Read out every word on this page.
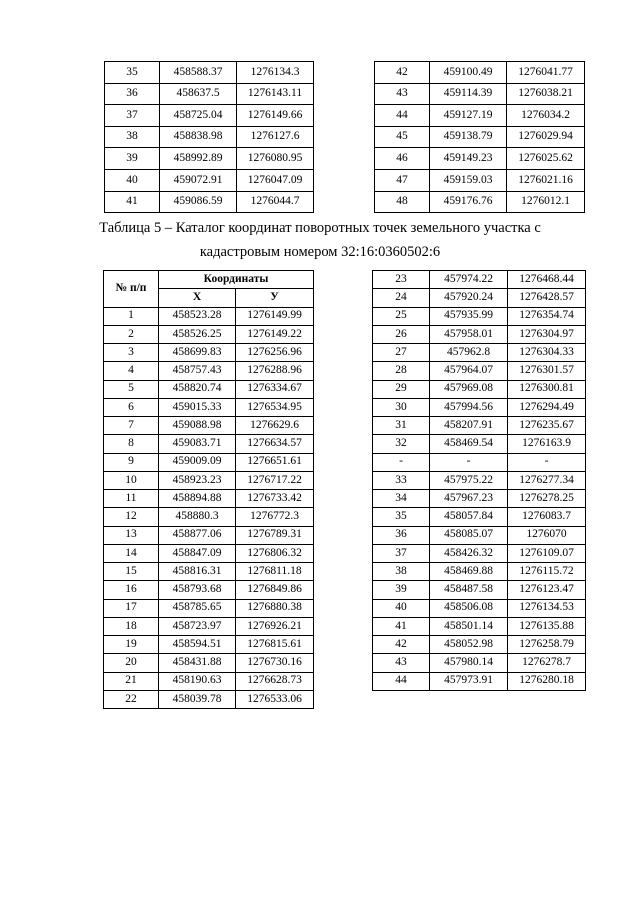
35	458588.37	1276134.3
36	458637.5	1276143.11
37	458725.04	1276149.66
38	458838.98	1276127.6
39	458992.89	1276080.95
40	459072.91	1276047.09
41	459086.59	1276044.7
42	459100.49	1276041.77
43	459114.39	1276038.21
44	459127.19	1276034.2
45	459138.79	1276029.94
46	459149.23	1276025.62
47	459159.03	1276021.16
48	459176.76	1276012.1
Таблица 5 – Каталог координат поворотных точек земельного участка с
кадастровым номером 32:16:0360502:6
№ п/п	Координаты	
	Х	У
1	458523.28	1276149.99
2	458526.25	1276149.22
3	458699.83	1276256.96
4	458757.43	1276288.96
5	458820.74	1276334.67
6	459015.33	1276534.95
7	459088.98	1276629.6
8	459083.71	1276634.57
9	459009.09	1276651.61
10	458923.23	1276717.22
11	458894.88	1276733.42
12	458880.3	1276772.3
13	458877.06	1276789.31
14	458847.09	1276806.32
15	458816.31	1276811.18
16	458793.68	1276849.86
17	458785.65	1276880.38
18	458723.97	1276926.21
19	458594.51	1276815.61
20	458431.88	1276730.16
21	458190.63	1276628.73
22	458039.78	1276533.06
23	457974.22	1276468.44
24	457920.24	1276428.57
25	457935.99	1276354.74
26	457958.01	1276304.97
27	457962.8	1276304.33
28	457964.07	1276301.57
29	457969.08	1276300.81
30	457994.56	1276294.49
31	458207.91	1276235.67
32	458469.54	1276163.9
-	-	-
33	457975.22	1276277.34
34	457967.23	1276278.25
35	458057.84	1276083.7
36	458085.07	1276070
37	458426.32	1276109.07
38	458469.88	1276115.72
39	458487.58	1276123.47
40	458506.08	1276134.53
41	458501.14	1276135.88
42	458052.98	1276258.79
43	457980.14	1276278.7
44	457973.91	1276280.18
